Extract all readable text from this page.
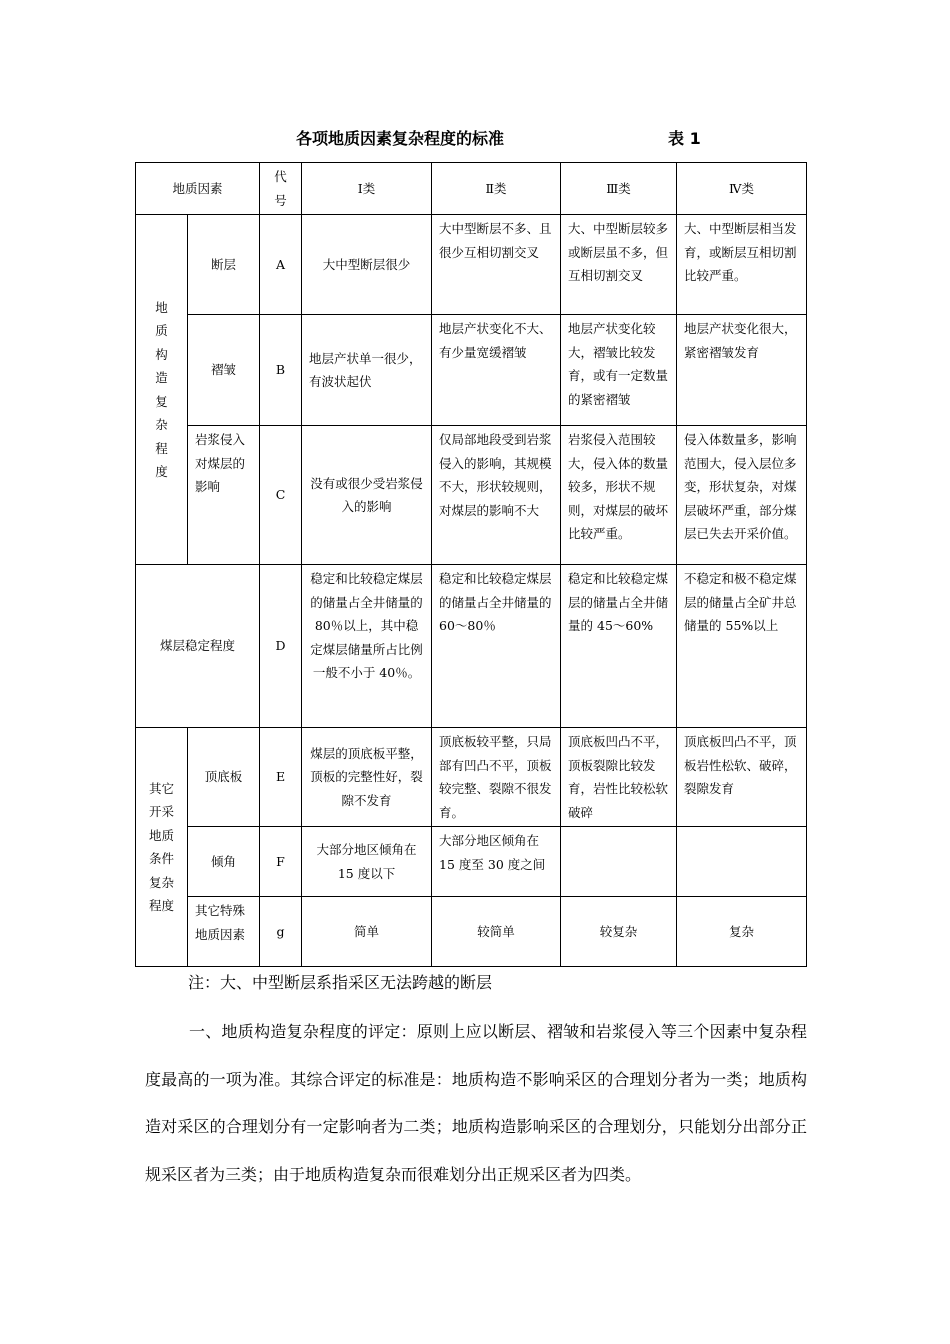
各项地质因素复杂程度的标准	表 1
地质因素		代号	Ⅰ类	Ⅱ类	Ⅲ类	Ⅳ类
地质构造复杂程度	断层	A	大中型断层很少	大中型断层不多、且很少互相切割交叉	大、中型断层较多或断层虽不多，但互相切割交叉	大、中型断层相当发育，或断层互相切割比较严重。
	褶皱	B	地层产状单一很少，有波状起伏	地层产状变化不大、有少量宽缓褶皱	地层产状变化较大，褶皱比较发育，或有一定数量的紧密褶皱	地层产状变化很大，紧密褶皱发育
	岩浆侵入对煤层的影响	C	没有或很少受岩浆侵入的影响	仅局部地段受到岩浆侵入的影响，其规模不大，形状较规则，对煤层的影响不大	岩浆侵入范围较大，侵入体的数量较多，形状不规则，对煤层的破坏比较严重。	侵入体数量多，影响范围大，侵入层位多变，形状复杂，对煤层破坏严重，部分煤层已失去开采价值。
煤层稳定程度		D	稳定和比较稳定煤层的储量占全井储量的 80％以上，其中稳定煤层储量所占比例一般不小于 40％。	稳定和比较稳定煤层的储量占全井储量的 60～80％	稳定和比较稳定煤层的储量占全井储量的 45～60%	不稳定和极不稳定煤层的储量占全矿井总储量的 55%以上
其它开采地质条件复杂程度	顶底板	E	煤层的顶底板平整，顶板的完整性好，裂隙不发育	顶底板较平整，只局部有凹凸不平，顶板较完整、裂隙不很发育。	顶底板凹凸不平，顶板裂隙比较发育，岩性比较松软破碎	顶底板凹凸不平，顶板岩性松软、破碎，裂隙发育
	倾角	F	大部分地区倾角在 15 度以下	大部分地区倾角在 15 度至 30 度之间		
	其它特殊地质因素	g	简单	较简单	较复杂	复杂
注：大、中型断层系指采区无法跨越的断层
一、地质构造复杂程度的评定：原则上应以断层、褶皱和岩浆侵入等三个因素中复杂程度最高的一项为准。其综合评定的标准是：地质构造不影响采区的合理划分者为一类；地质构造对采区的合理划分有一定影响者为二类；地质构造影响采区的合理划分，只能划分出部分正规采区者为三类；由于地质构造复杂而很难划分出正规采区者为四类。
